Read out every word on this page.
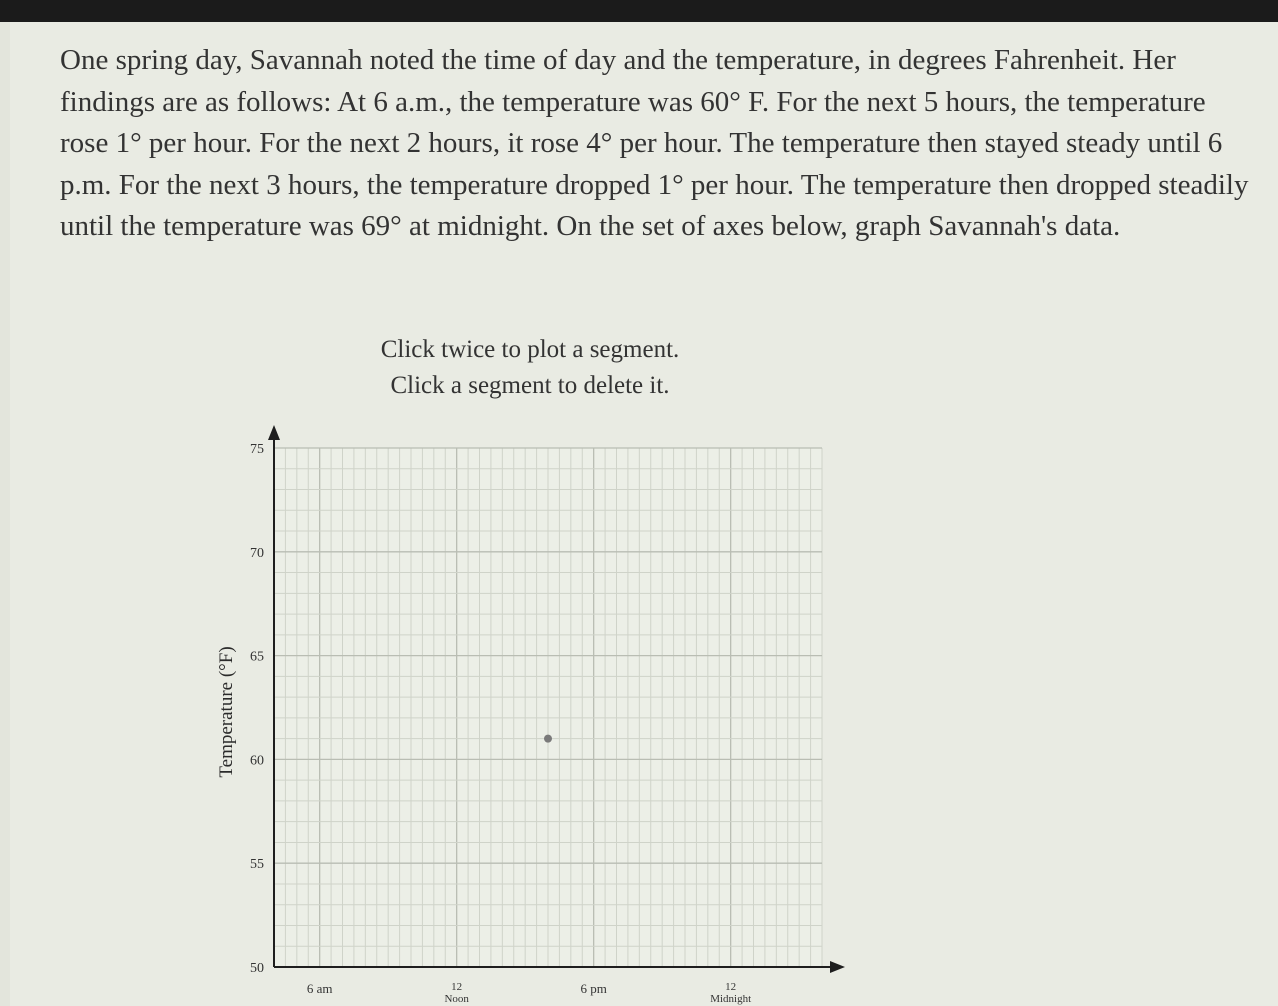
One spring day, Savannah noted the time of day and the temperature, in degrees Fahrenheit. Her findings are as follows: At 6 a.m., the temperature was 60° F. For the next 5 hours, the temperature rose 1° per hour. For the next 2 hours, it rose 4° per hour. The temperature then stayed steady until 6 p.m. For the next 3 hours, the temperature dropped 1° per hour. The temperature then dropped steadily until the temperature was 69° at midnight. On the set of axes below, graph Savannah's data.

Click twice to plot a segment.
Click a segment to delete it.
75
70
65
60
55
50
6 am	12
Noon
6 pm	12
Midnight
Temperature (°F)
